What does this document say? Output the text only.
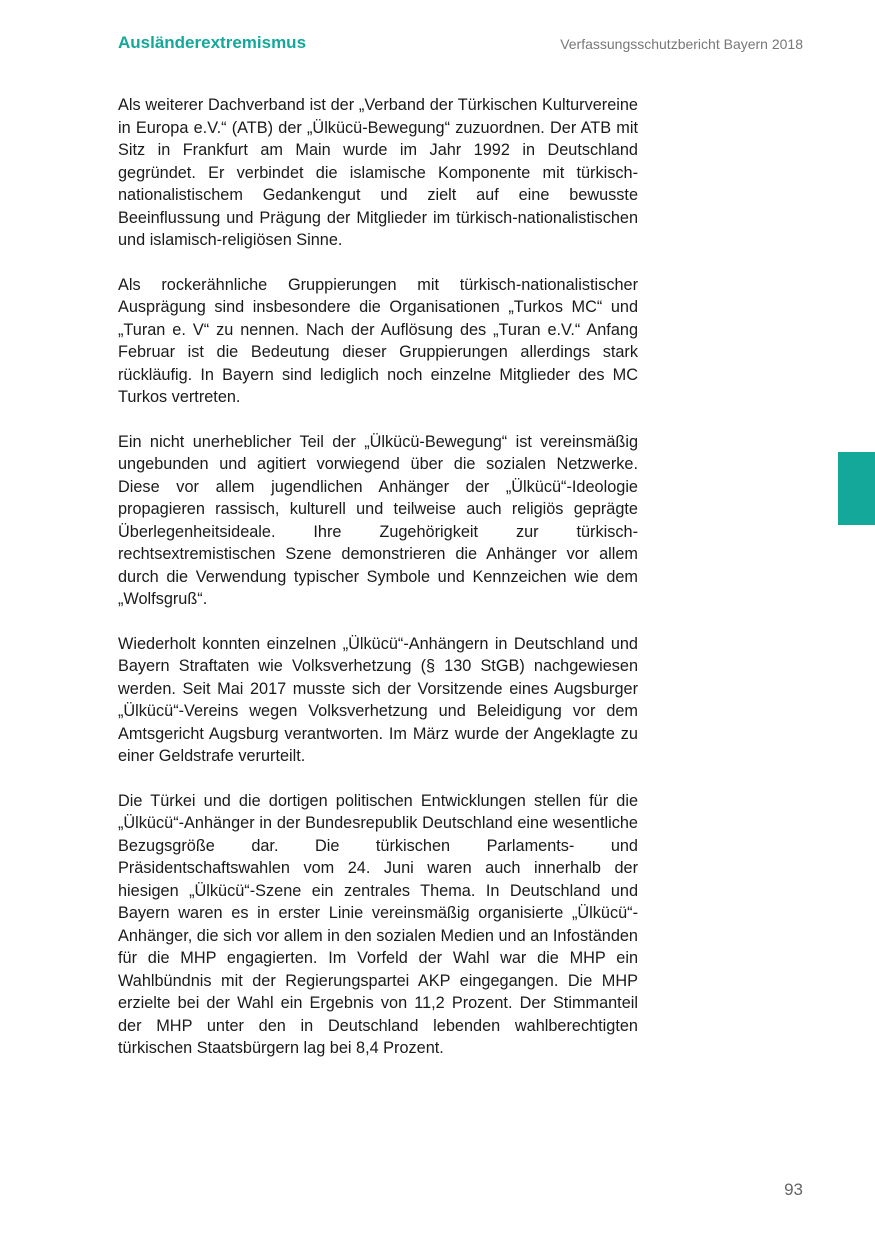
Ausländerextremismus	Verfassungsschutzbericht Bayern 2018

Als weiterer Dachverband ist der „Verband der Türkischen Kulturvereine in Europa e.V.“ (ATB) der „Ülkücü-Bewegung“ zuzuordnen. Der ATB mit Sitz in Frankfurt am Main wurde im Jahr 1992 in Deutschland gegründet. Er verbindet die islamische Komponente mit türkisch-nationalistischem Gedankengut und zielt auf eine bewusste Beeinflussung und Prägung der Mitglieder im türkisch-nationalistischen und islamisch-religiösen Sinne.

Als rockerähnliche Gruppierungen mit türkisch-nationalistischer Ausprägung sind insbesondere die Organisationen „Turkos MC“ und „Turan e. V“ zu nennen. Nach der Auflösung des „Turan e.V.“ Anfang Februar ist die Bedeutung dieser Gruppierungen allerdings stark rückläufig. In Bayern sind lediglich noch einzelne Mitglieder des MC Turkos vertreten.

Ein nicht unerheblicher Teil der „Ülkücü-Bewegung“ ist vereinsmäßig ungebunden und agitiert vorwiegend über die sozialen Netzwerke. Diese vor allem jugendlichen Anhänger der „Ülkücü“-Ideologie propagieren rassisch, kulturell und teilweise auch religiös geprägte Überlegenheitsideale. Ihre Zugehörigkeit zur türkisch-rechtsextremistischen Szene demonstrieren die Anhänger vor allem durch die Verwendung typischer Symbole und Kennzeichen wie dem „Wolfsgruß“.

Wiederholt konnten einzelnen „Ülkücü“-Anhängern in Deutschland und Bayern Straftaten wie Volksverhetzung (§ 130 StGB) nachgewiesen werden. Seit Mai 2017 musste sich der Vorsitzende eines Augsburger „Ülkücü“-Vereins wegen Volksverhetzung und Beleidigung vor dem Amtsgericht Augsburg verantworten. Im März wurde der Angeklagte zu einer Geldstrafe verurteilt.

Die Türkei und die dortigen politischen Entwicklungen stellen für die „Ülkücü“-Anhänger in der Bundesrepublik Deutschland eine wesentliche Bezugsgröße dar. Die türkischen Parlaments- und Präsidentschaftswahlen vom 24. Juni waren auch innerhalb der hiesigen „Ülkücü“-Szene ein zentrales Thema. In Deutschland und Bayern waren es in erster Linie vereinsmäßig organisierte „Ülkücü“-Anhänger, die sich vor allem in den sozialen Medien und an Infoständen für die MHP engagierten. Im Vorfeld der Wahl war die MHP ein Wahlbündnis mit der Regierungspartei AKP eingegangen. Die MHP erzielte bei der Wahl ein Ergebnis von 11,2 Prozent. Der Stimmanteil der MHP unter den in Deutschland lebenden wahlberechtigten türkischen Staatsbürgern lag bei 8,4 Prozent.

93
